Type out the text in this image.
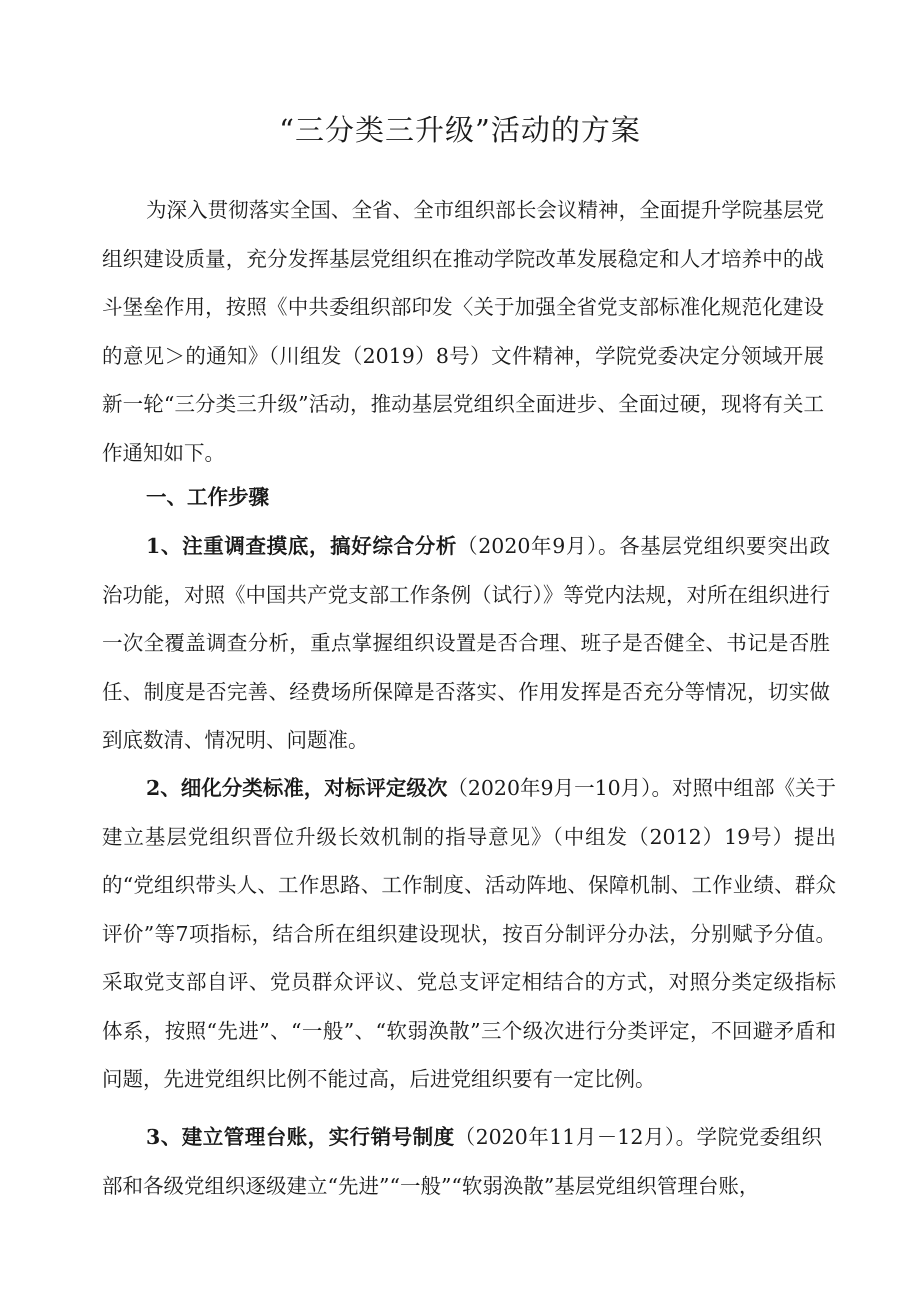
“三分类三升级”活动的方案
为深入贯彻落实全国、全省、全市组织部长会议精神，全面提升学院基层党组织建设质量，充分发挥基层党组织在推动学院改革发展稳定和人才培养中的战斗堡垒作用，按照《中共委组织部印发〈关于加强全省党支部标准化规范化建设的意见＞的通知》（川组发（2019）8号）文件精神，学院党委决定分领域开展新一轮“三分类三升级”活动，推动基层党组织全面进步、全面过硬，现将有关工作通知如下。
一、工作步骤
1、注重调查摸底，搞好综合分析（2020年9月）。各基层党组织要突出政治功能，对照《中国共产党支部工作条例（试行）》等党内法规，对所在组织进行一次全覆盖调查分析，重点掌握组织设置是否合理、班子是否健全、书记是否胜任、制度是否完善、经费场所保障是否落实、作用发挥是否充分等情况，切实做到底数清、情况明、问题准。
2、细化分类标准，对标评定级次（2020年9月一10月）。对照中组部《关于建立基层党组织晋位升级长效机制的指导意见》（中组发（2012）19号）提出的“党组织带头人、工作思路、工作制度、活动阵地、保障机制、工作业绩、群众评价”等7项指标，结合所在组织建设现状，按百分制评分办法，分别赋予分值。采取党支部自评、党员群众评议、党总支评定相结合的方式，对照分类定级指标体系，按照“先进”、“一般”、“软弱涣散”三个级次进行分类评定，不回避矛盾和问题，先进党组织比例不能过高，后进党组织要有一定比例。
3、建立管理台账，实行销号制度（2020年11月－12月）。学院党委组织部和各级党组织逐级建立“先进”“一般”“软弱涣散”基层党组织管理台账，
